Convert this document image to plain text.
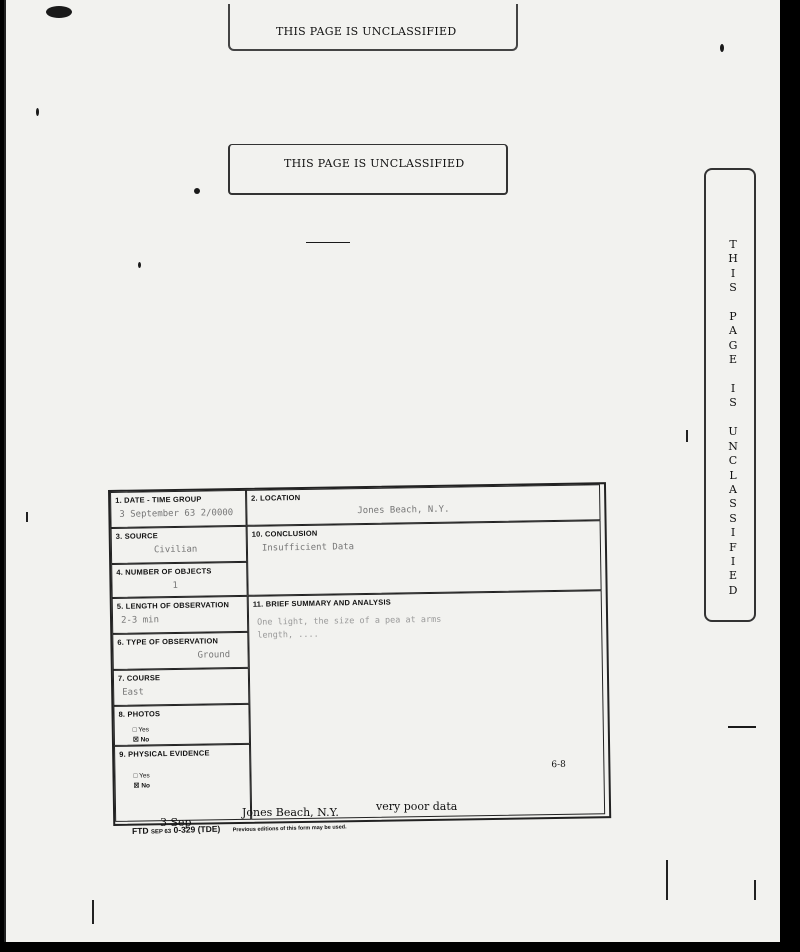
THIS PAGE IS UNCLASSIFIED
THIS PAGE IS UNCLASSIFIED
T
H
I
S

P
A
G
E

I
S

U
N
C
L
A
S
S
I
F
I
E
D
1. DATE - TIME GROUP
3 September 63 2/0000
2. LOCATION
Jones Beach, N.Y.
3. SOURCE
Civilian
10. CONCLUSION
Insufficient Data
4. NUMBER OF OBJECTS
1
5. LENGTH OF OBSERVATION
2-3 min
11. BRIEF SUMMARY AND ANALYSIS
One light, the size of a pea at arms
length, ....
6-8
6. TYPE OF OBSERVATION
Ground
7. COURSE
East
8. PHOTOS
□ Yes
☒ No
9. PHYSICAL EVIDENCE
□ Yes
☒ No
3 Sep
Jones Beach, N.Y.	very poor data
FTD SEP 63 0-329 (TDE) Previous editions of this form may be used.
